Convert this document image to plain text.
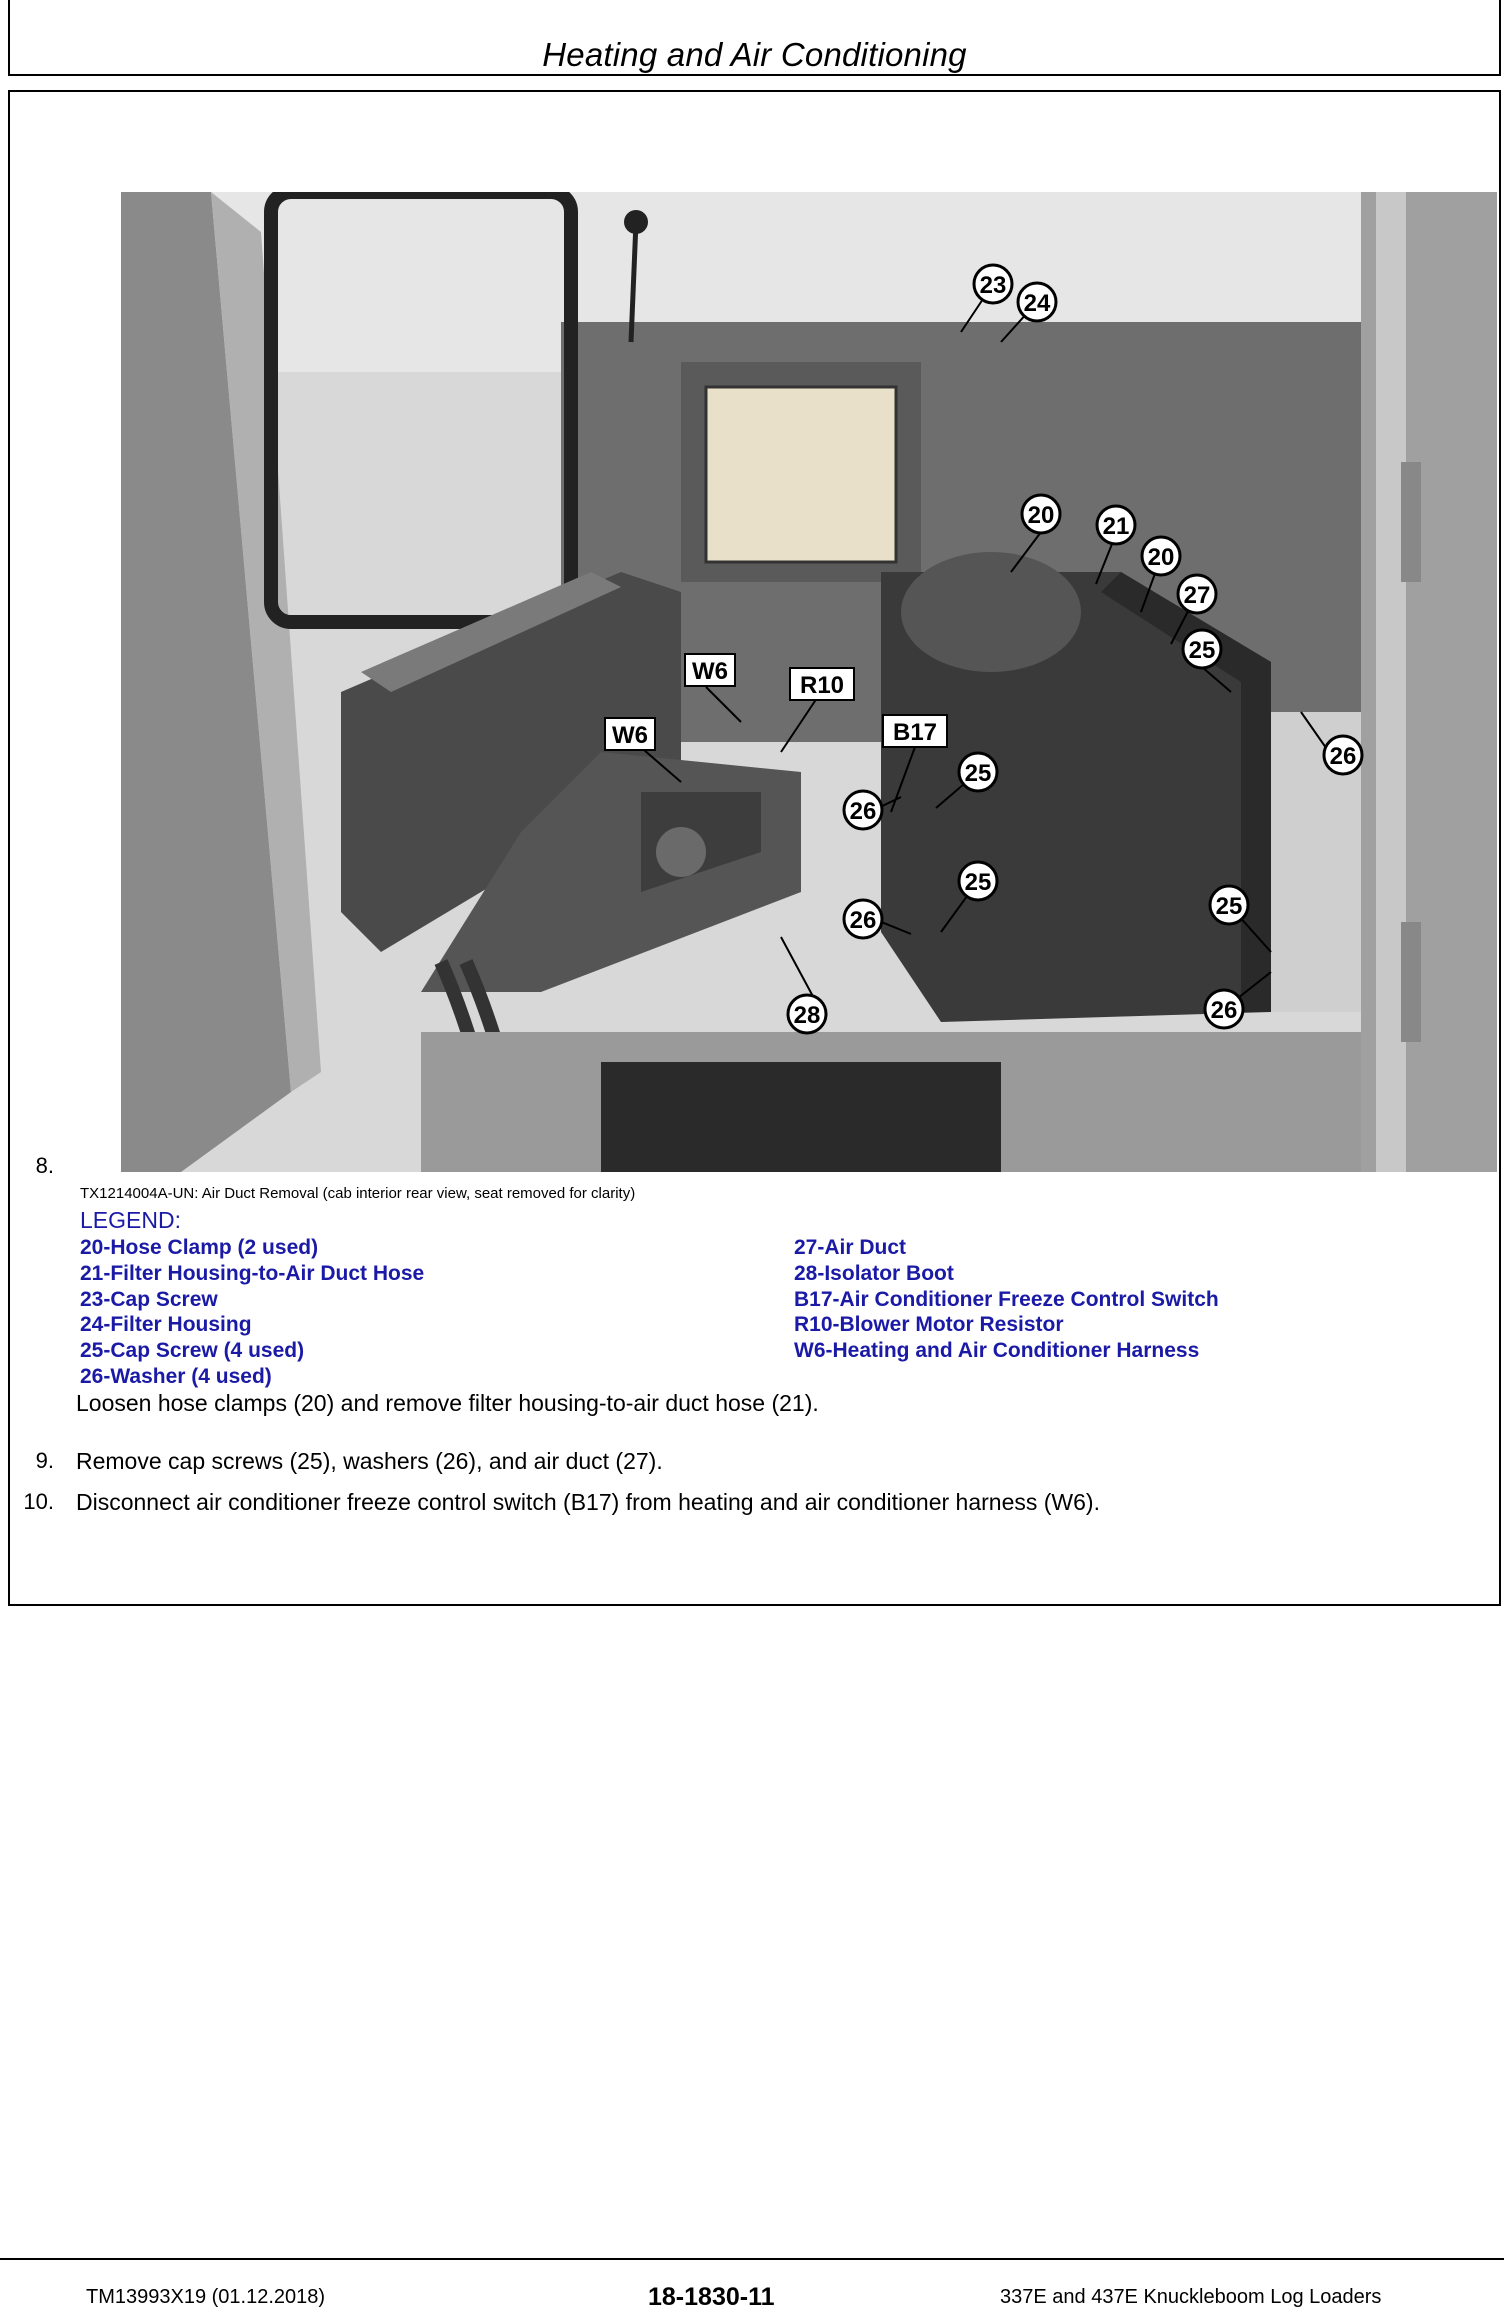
Heating and Air Conditioning
23
24
20 21
20
27
25
26
25
26
25
26
25
26
28
W6
R10
W6	B17
8.
TX1214004A-UN: Air Duct Removal (cab interior rear view, seat removed for clarity)
LEGEND:
20-Hose Clamp (2 used)
21-Filter Housing-to-Air Duct Hose
23-Cap Screw
24-Filter Housing
25-Cap Screw (4 used)
26-Washer (4 used)
27-Air Duct
28-Isolator Boot
B17-Air Conditioner Freeze Control Switch
R10-Blower Motor Resistor
W6-Heating and Air Conditioner Harness
Loosen hose clamps (20) and remove filter housing-to-air duct hose (21).
9. Remove cap screws (25), washers (26), and air duct (27).
10. Disconnect air conditioner freeze control switch (B17) from heating and air conditioner harness (W6).
TM13993X19 (01.12.2018)	18-1830-11	337E and 437E Knuckleboom Log Loaders
